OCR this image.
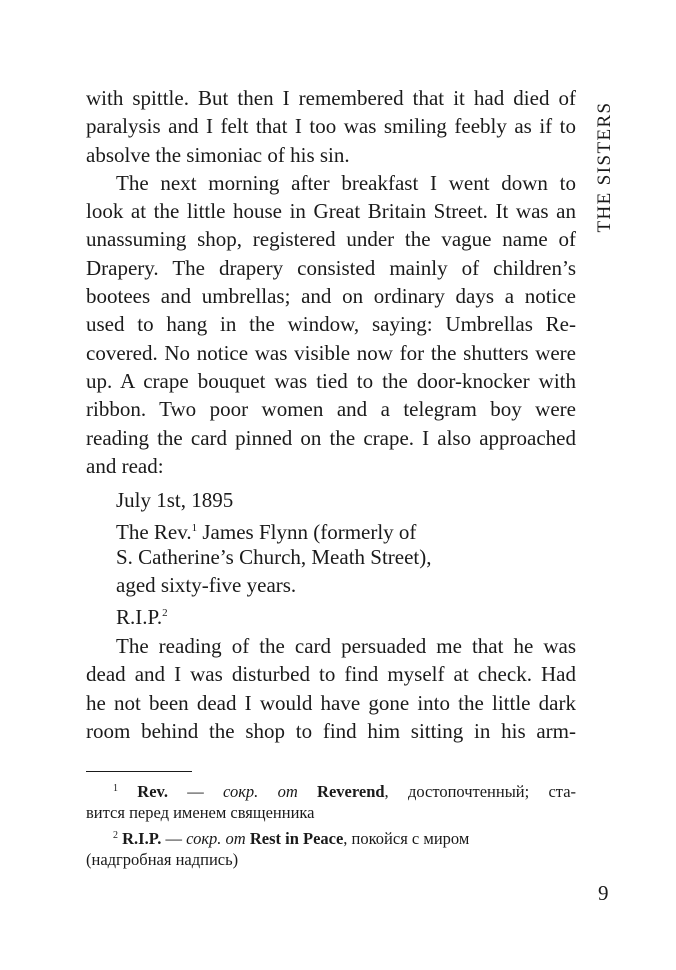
THE SISTERS
with spittle. But then I remembered that it had died of
paralysis and I felt that I too was smiling feebly as if to
absolve the simoniac of his sin.
The next morning after breakfast I went down to
look at the little house in Great Britain Street. It was an
unassuming shop, registered under the vague name of
Drapery. The drapery consisted mainly of children’s
bootees and umbrellas; and on ordinary days a notice
used to hang in the window, saying: Umbrellas Re-
covered. No notice was visible now for the shutters were
up. A crape bouquet was tied to the door-knocker with
ribbon. Two poor women and a telegram boy were
reading the card pinned on the crape. I also approached
and read:
July 1st, 1895
The Rev.$^1$ James Flynn (formerly of
S. Catherine’s Church, Meath Street),
aged sixty-five years.
R.I.P.$^2$
The reading of the card persuaded me that he was
dead and I was disturbed to find myself at check. Had
he not been dead I would have gone into the little dark
room behind the shop to find him sitting in his arm-
$^1$ Rev. — сокр. от Reverend, достопочтенный; ста-
вится перед именем священника
$^2$ R.I.P. — сокр. от Rest in Peace, покойся с миром
(надгробная надпись)
9
